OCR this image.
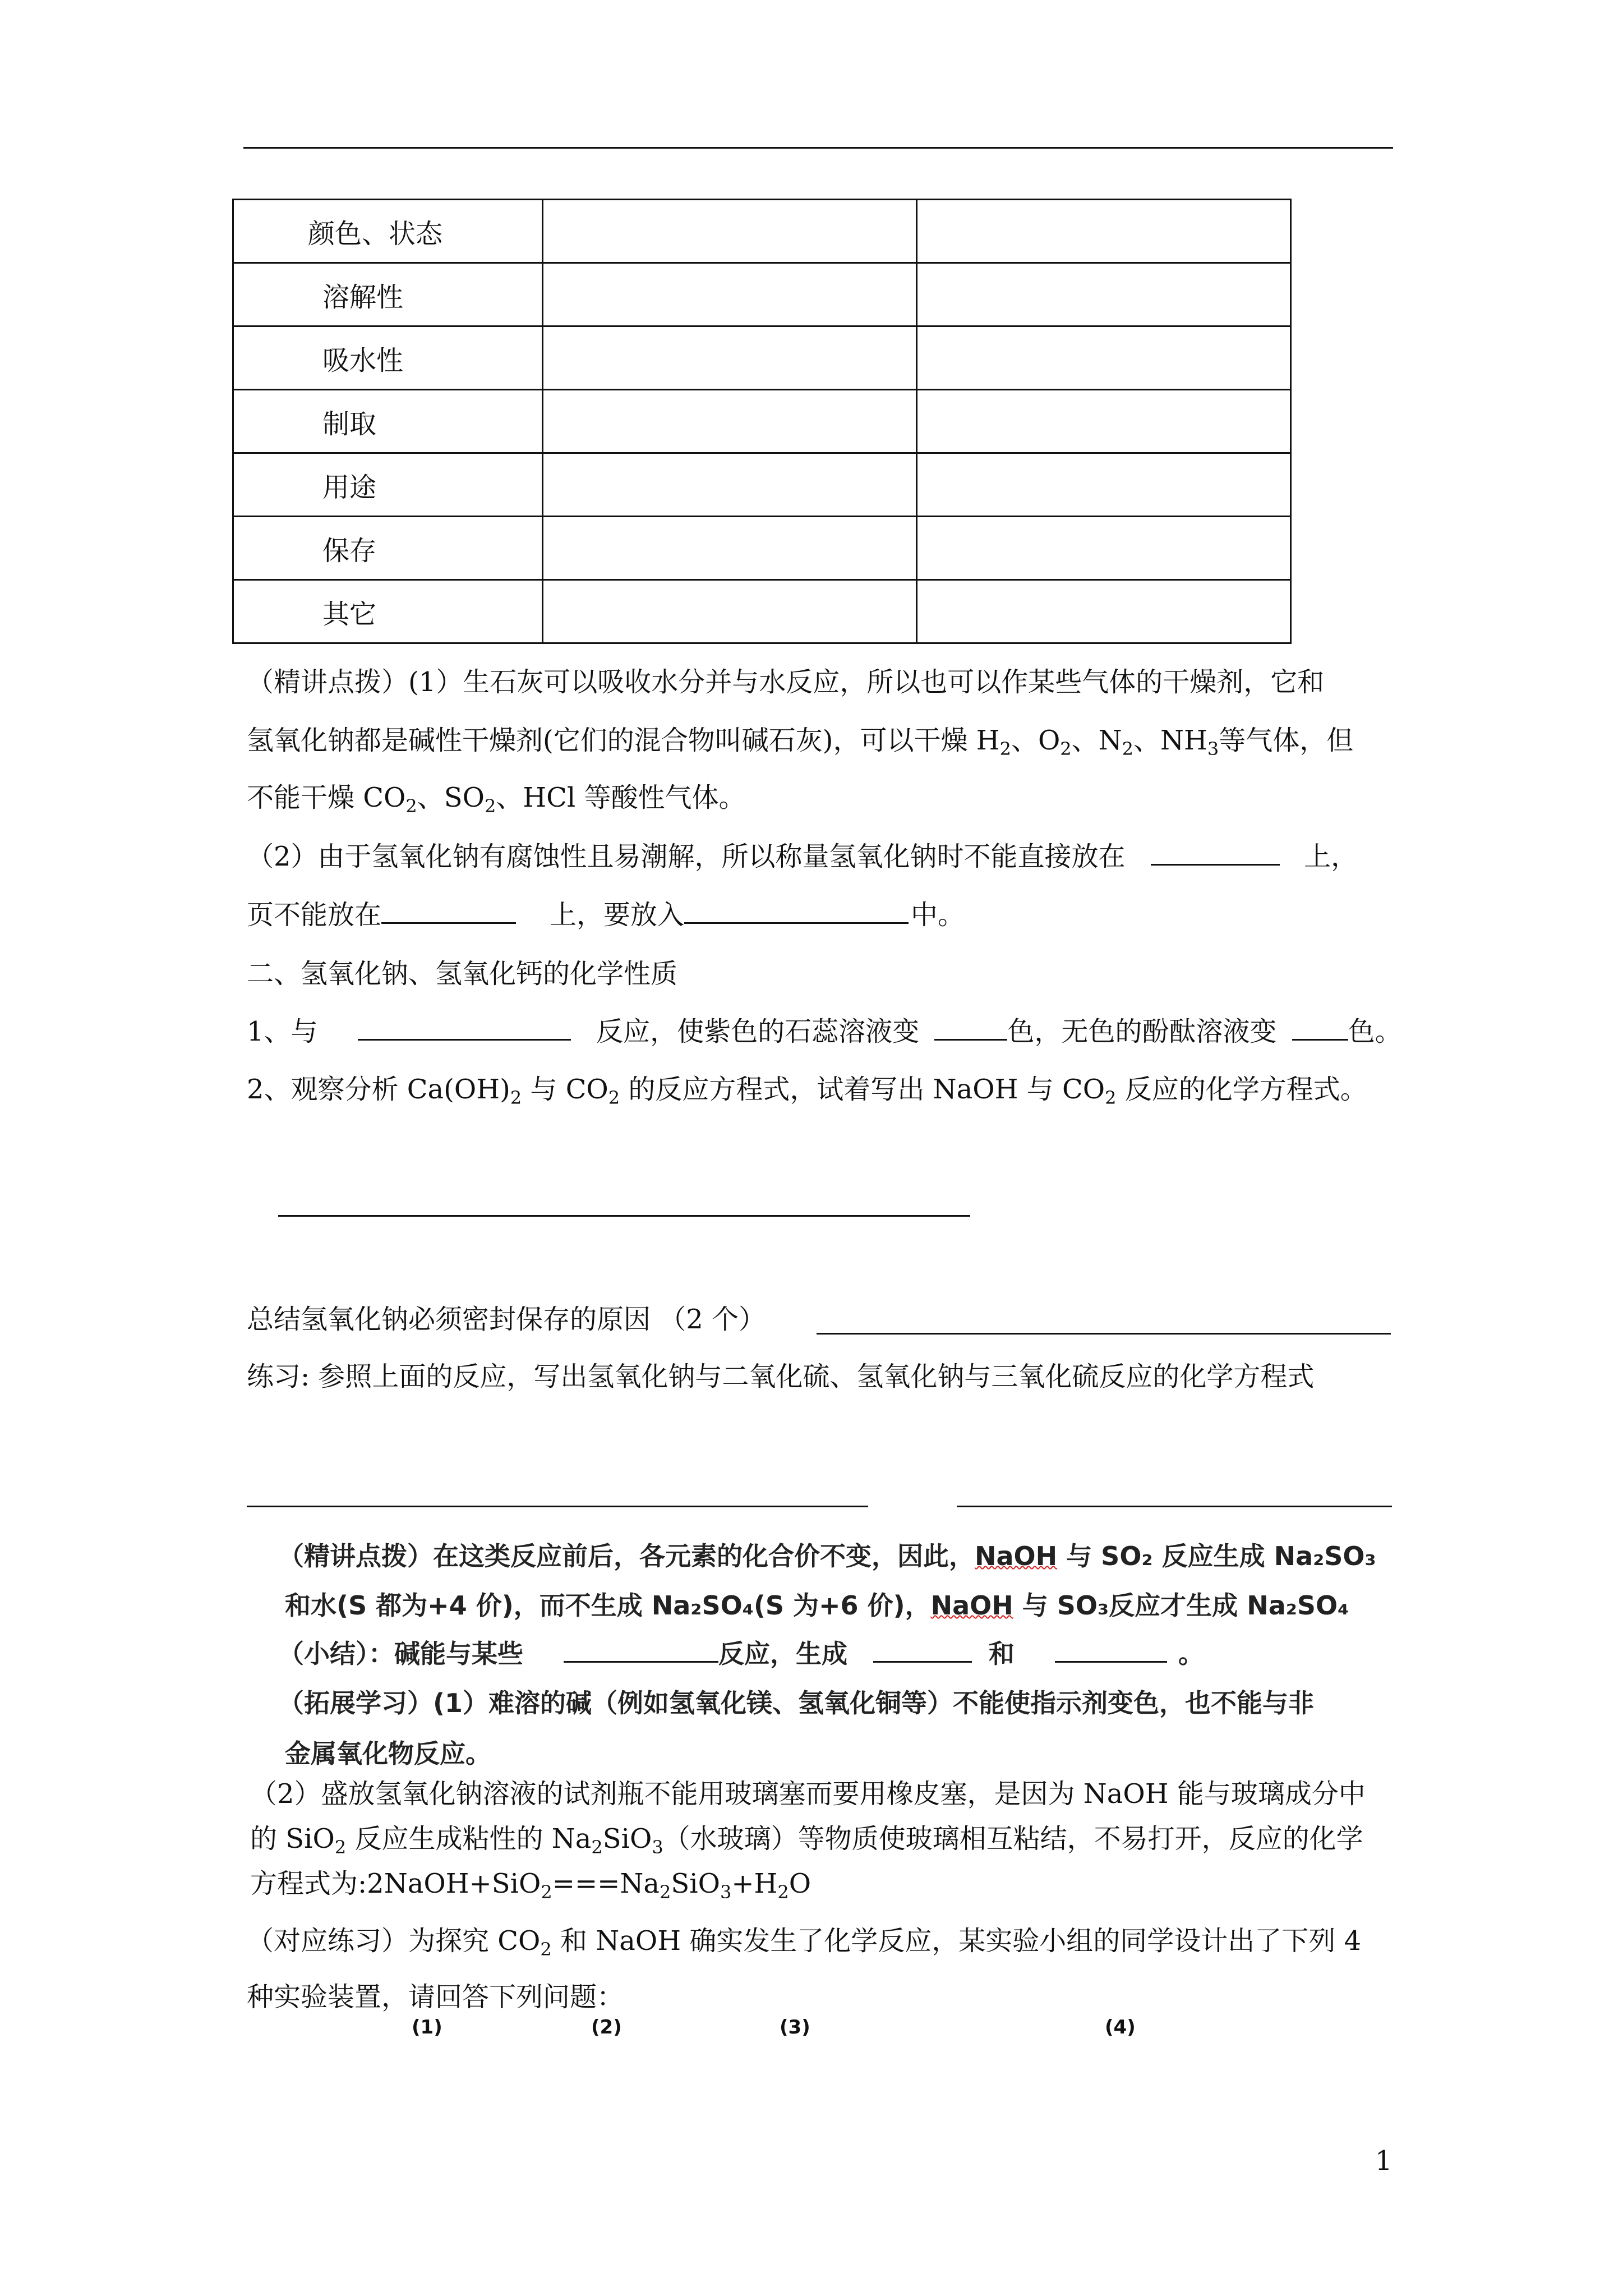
颜色、状态		
溶解性		
吸水性		
制取		
用途		
保存		
其它		
（精讲点拨）(1）生石灰可以吸收水分并与水反应，所以也可以作某些气体的干燥剂，它和
氢氧化钠都是碱性干燥剂(它们的混合物叫碱石灰)，可以干燥 $H_2$、$O_2$、$N_2$、$NH_3$等气体，但
不能干燥 $CO_2$、$SO_2$、HCl 等酸性气体。
（2）由于氢氧化钠有腐蚀性且易潮解，所以称量氢氧化钠时不能直接放在	上，
页不能放在	上，要放入	中。
二、氢氧化钠、氢氧化钙的化学性质
1、与	反应，使紫色的石蕊溶液变	色，无色的酚酞溶液变	色。
2、观察分析 $Ca(OH)_2$ 与 $CO_2$ 的反应方程式，试着写出 NaOH 与 $CO_2$ 反应的化学方程式。
总结氢氧化钠必须密封保存的原因 （2 个）
练习: 参照上面的反应，写出氢氧化钠与二氧化硫、氢氧化钠与三氧化硫反应的化学方程式
（精讲点拨）在这类反应前后，各元素的化合价不变，因此，NaOH 与 SO₂ 反应生成 Na₂SO₃
和水(S 都为+4 价)，而不生成 Na₂SO₄(S 为+6 价)，NaOH 与 SO₃反应才生成 Na₂SO₄
（小结）：碱能与某些	反应，生成	和	。
（拓展学习）(1）难溶的碱（例如氢氧化镁、氢氧化铜等）不能使指示剂变色，也不能与非
金属氧化物反应。
（2）盛放氢氧化钠溶液的试剂瓶不能用玻璃塞而要用橡皮塞，是因为 NaOH 能与玻璃成分中
的 SiO$_2$ 反应生成粘性的 $Na_2SiO_3$（水玻璃）等物质使玻璃相互粘结，不易打开，反应的化学
方程式为$:2NaOH+SiO_2===Na_2SiO_3+H_2O$
（对应练习）为探究 $CO_2$ 和 NaOH 确实发生了化学反应，某实验小组的同学设计出了下列 4
种实验装置，请回答下列问题：
(1)	(2)	(3)	(4)
1
